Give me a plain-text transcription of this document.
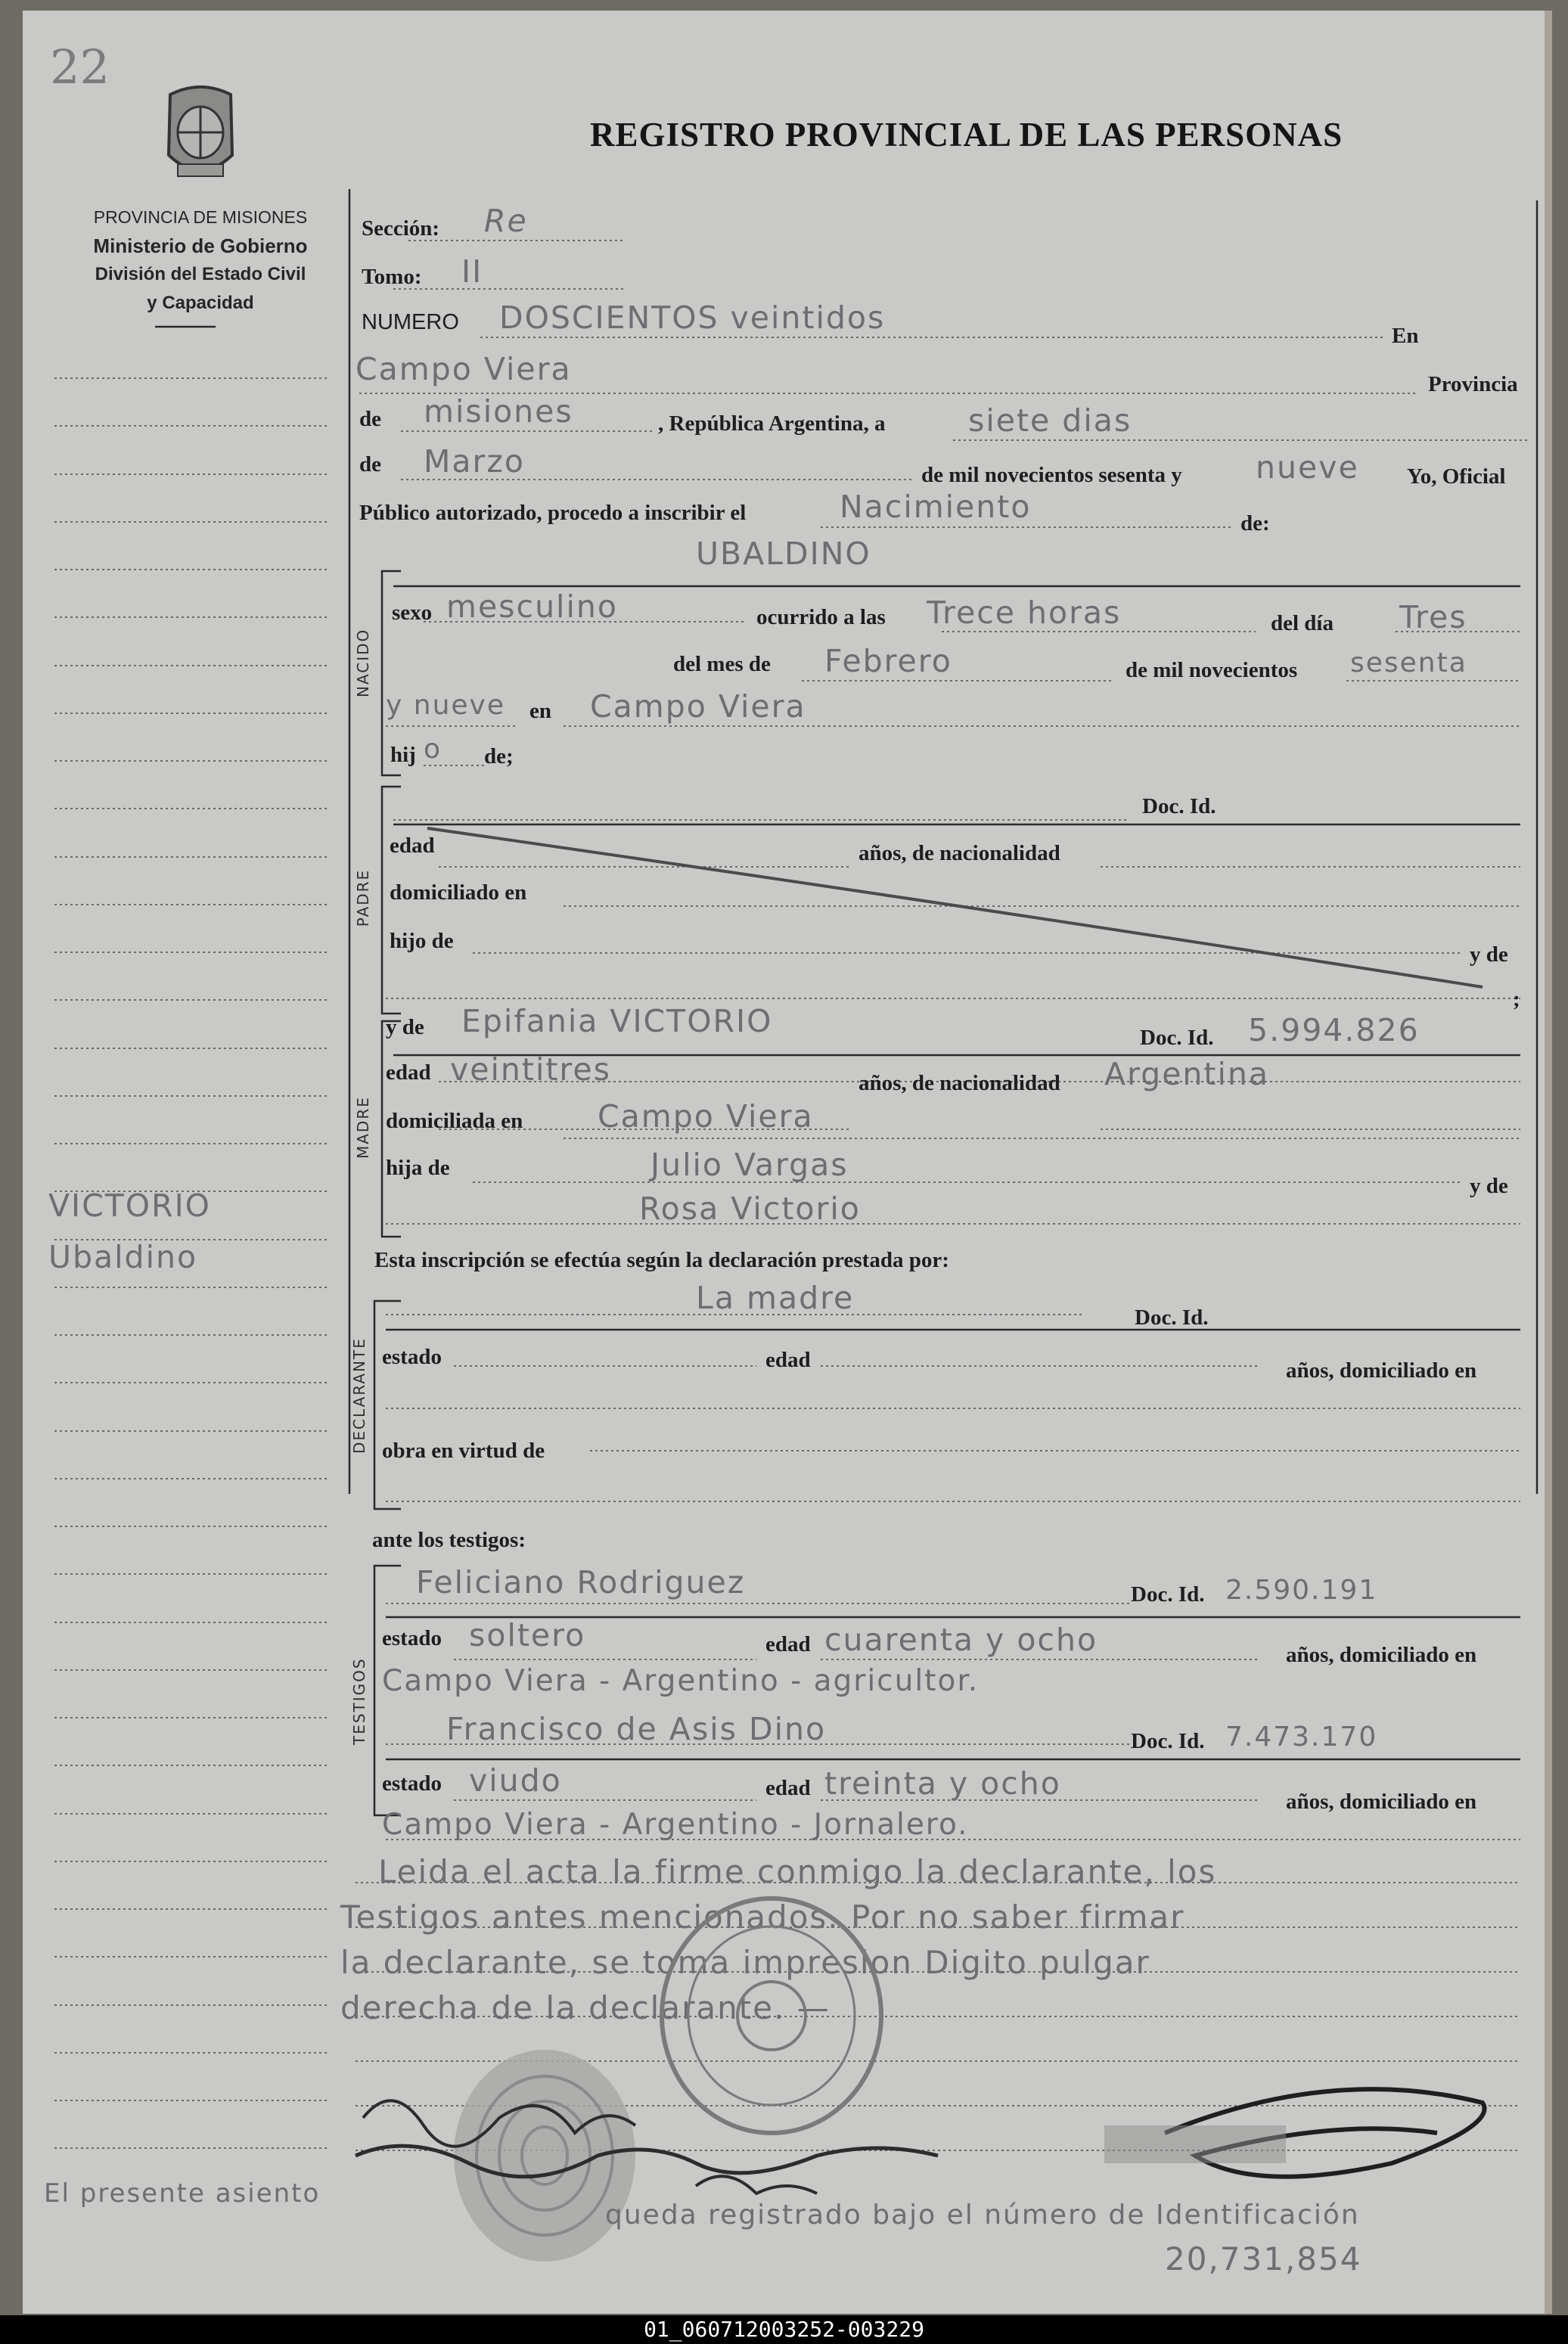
22
PROVINCIA DE MISIONES
Ministerio de Gobierno
División del Estado Civil
y Capacidad
REGISTRO PROVINCIAL DE LAS PERSONAS
VICTORIO
Ubaldino
El presente asiento
NACIDO
PADRE
MADRE
DECLARANTE
TESTIGOS
Sección: Re
Tomo: II
NUMERO DOSCIENTOS veintidos	En
Campo Viera	Provincia
de misiones	, República Argentina, a	siete dias
de Marzo	de mil novecientos sesenta y nueve Yo, Oficial
Público autorizado, procedo a inscribir el	Nacimiento	de:
UBALDINO
sexo mesculino	ocurrido a las Trece horas	del día Tres
del mes de Febrero	de mil novecientos sesenta
y nueve en Campo Viera
hij o de;
Doc. Id.
edad	años, de nacionalidad
domiciliado en
hijo de
y de
;
y de Epifania VICTORIO	Doc. Id. 5.994.826
edad veintitres	años, de nacionalidad Argentina
domiciliada en Campo Viera
hija de	Julio Vargas
y de
Rosa Victorio
Esta inscripción se efectúa según la declaración prestada por:
La madre
Doc. Id.
estado	edad	años, domiciliado en
obra en virtud de
ante los testigos:
Feliciano Rodriguez	Doc. Id. 2.590.191
estado soltero	edad cuarenta y ocho	años, domiciliado en
Campo Viera - Argentino - agricultor.
Francisco de Asis Dino	Doc. Id. 7.473.170
estado viudo	edad treinta y ocho	años, domiciliado en
Campo Viera - Argentino - Jornalero.
Leida el acta la firme conmigo la declarante, los
Testigos antes mencionados. Por no saber firmar
la declarante, se toma impresion Digito pulgar
derecha de la declarante. —
queda registrado bajo el número de Identificación
20,731,854
01_060712003252-003229
